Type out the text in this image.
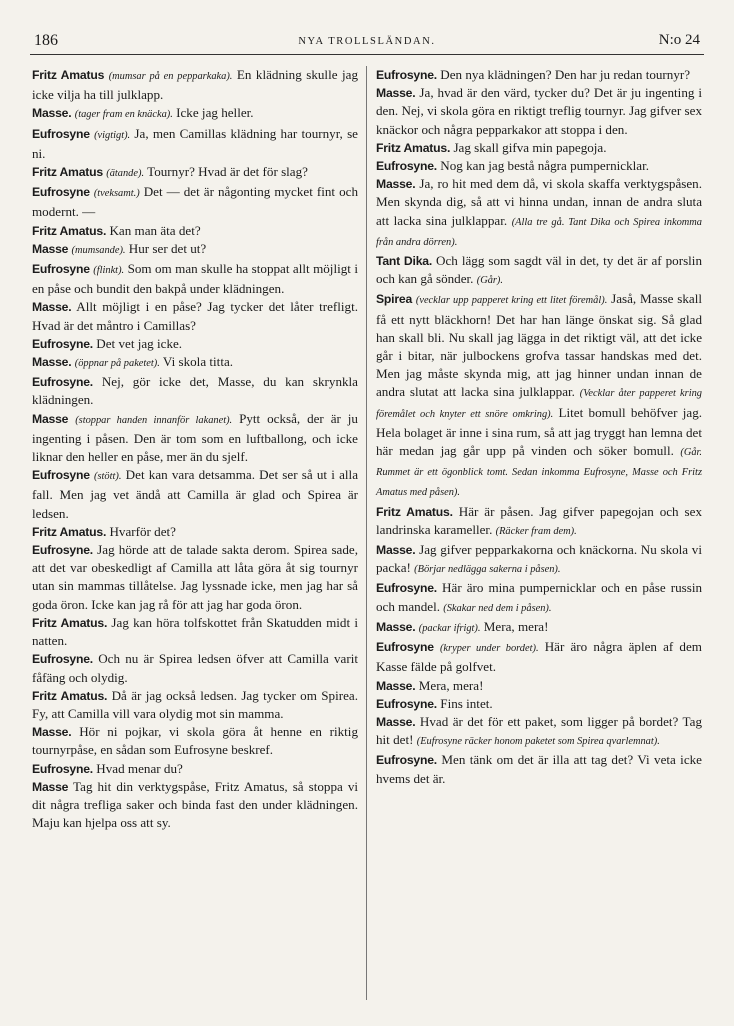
186	NYA TROLLSLÄNDAN.	N:o 24
Fritz Amatus (mumsar på en pepparkaka). En klädning skulle jag icke vilja ha till julklapp.
Masse. (tager fram en knäcka). Icke jag heller.
Eufrosyne (vigtigt). Ja, men Camillas klädning har tournyr, se ni.
Fritz Amatus (ätande). Tournyr? Hvad är det för slag?
Eufrosyne (tveksamt.) Det — det är någonting mycket fint och modernt. —
Fritz Amatus. Kan man äta det?
Masse (mumsande). Hur ser det ut?
Eufrosyne (flinkt). Som om man skulle ha stoppat allt möjligt i en påse och bundit den bakpå under klädningen.
Masse. Allt möjligt i en påse? Jag tycker det låter trefligt. Hvad är det måntro i Camillas?
Eufrosyne. Det vet jag icke.
Masse. (öppnar på paketet). Vi skola titta.
Eufrosyne. Nej, gör icke det, Masse, du kan skrynkla klädningen.
Masse (stoppar handen innanför lakanet). Pytt också, der är ju ingenting i påsen. Den är tom som en luftballong, och icke liknar den heller en påse, mer än du sjelf.
Eufrosyne (stött). Det kan vara detsamma. Det ser så ut i alla fall. Men jag vet ändå att Camilla är glad och Spirea är ledsen.
Fritz Amatus. Hvarför det?
Eufrosyne. Jag hörde att de talade sakta derom. Spirea sade, att det var obeskedligt af Camilla att låta göra åt sig tournyr utan sin mammas tillåtelse. Jag lyssnade icke, men jag har så goda öron. Icke kan jag rå för att jag har goda öron.
Fritz Amatus. Jag kan höra tolfskottet från Skatudden midt i natten.
Eufrosyne. Och nu är Spirea ledsen öfver att Camilla varit fåfäng och olydig.
Fritz Amatus. Då är jag också ledsen. Jag tycker om Spirea. Fy, att Camilla vill vara olydig mot sin mamma.
Masse. Hör ni pojkar, vi skola göra åt henne en riktig tournyrpåse, en sådan som Eufrosyne beskref.
Eufrosyne. Hvad menar du?
Masse Tag hit din verktygspåse, Fritz Amatus, så stoppa vi dit några trefliga saker och binda fast den under klädningen. Maju kan hjelpa oss att sy.
Eufrosyne. Den nya klädningen? Den har ju redan tournyr?
Masse. Ja, hvad är den värd, tycker du? Det är ju ingenting i den. Nej, vi skola göra en riktigt treflig tournyr. Jag gifver sex knäckor och några pepparkakor att stoppa i den.
Fritz Amatus. Jag skall gifva min papegoja.
Eufrosyne. Nog kan jag bestå några pumpernicklar.
Masse. Ja, ro hit med dem då, vi skola skaffa verktygspåsen. Men skynda dig, så att vi hinna undan, innan de andra sluta att lacka sina julklappar. (Alla tre gå. Tant Dika och Spirea inkomma från andra dörren).
Tant Dika. Och lägg som sagdt väl in det, ty det är af porslin och kan gå sönder. (Går).
Spirea (vecklar upp papperet kring ett litet föremål). Jaså, Masse skall få ett nytt bläckhorn! Det har han länge önskat sig. Så glad han skall bli. Nu skall jag lägga in det riktigt väl, att det icke går i bitar, när julbockens grofva tassar handskas med det. Men jag måste skynda mig, att jag hinner undan innan de andra slutat att lacka sina julklappar. (Vecklar åter papperet kring föremålet och knyter ett snöre omkring). Litet bomull behöfver jag. Hela bolaget är inne i sina rum, så att jag tryggt han lemna det här medan jag går upp på vinden och söker bomull. (Går. Rummet är ett ögonblick tomt. Sedan inkomma Eufrosyne, Masse och Fritz Amatus med påsen).
Fritz Amatus. Här är påsen. Jag gifver papegojan och sex landrinska karameller. (Räcker fram dem).
Masse. Jag gifver pepparkakorna och knäckorna. Nu skola vi packa! (Börjar nedlägga sakerna i påsen).
Eufrosyne. Här äro mina pumpernicklar och en påse russin och mandel. (Skakar ned dem i påsen).
Masse. (packar ifrigt). Mera, mera!
Eufrosyne (kryper under bordet). Här äro några äplen af dem Kasse fälde på golfvet.
Masse. Mera, mera!
Eufrosyne. Fins intet.
Masse. Hvad är det för ett paket, som ligger på bordet? Tag hit det! (Eufrosyne räcker honom paketet som Spirea qvarlemnat).
Eufrosyne. Men tänk om det är illa att tag det? Vi veta icke hvems det är.
